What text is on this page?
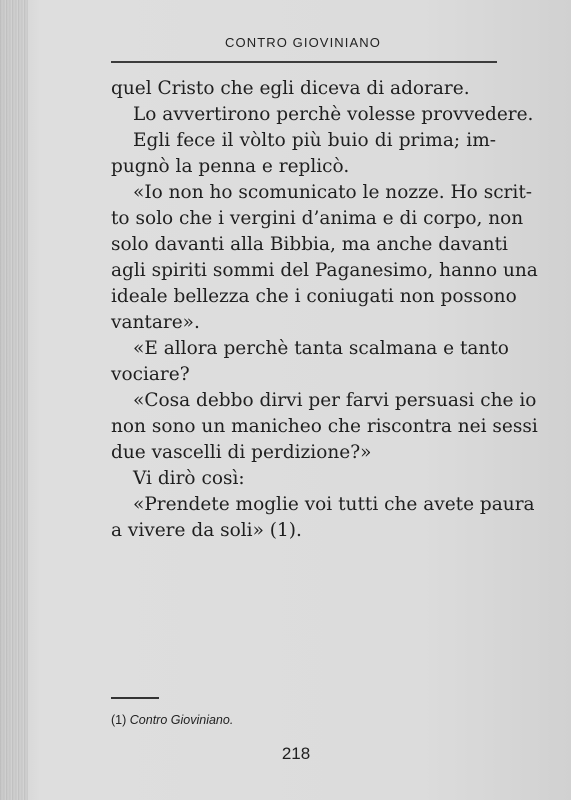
CONTRO GIOVINIANO
quel Cristo che egli diceva di adorare.
Lo avvertirono perchè volesse provvedere.
Egli fece il vòlto più buio di prima; im-
pugnò la penna e replicò.
«Io non ho scomunicato le nozze. Ho scrit-
to solo che i vergini d’anima e di corpo, non
solo davanti alla Bibbia, ma anche davanti
agli spiriti sommi del Paganesimo, hanno una
ideale bellezza che i coniugati non possono
vantare».
«E allora perchè tanta scalmana e tanto
vociare?
«Cosa debbo dirvi per farvi persuasi che io
non sono un manicheo che riscontra nei sessi
due vascelli di perdizione?»
Vi dirò così:
«Prendete moglie voi tutti che avete paura
a vivere da soli» (1).
(1) Contro Gioviniano.
218
